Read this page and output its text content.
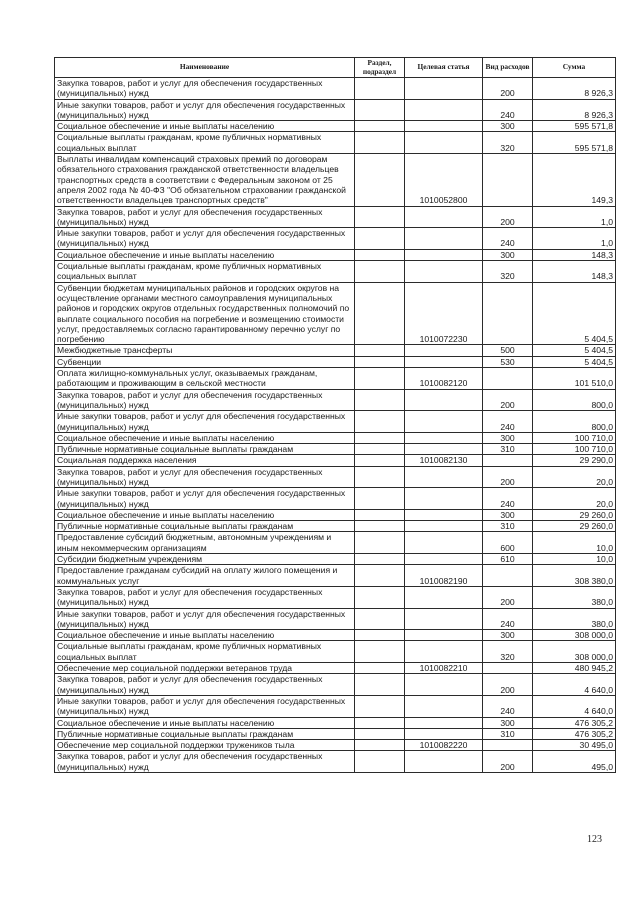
Наименование	Раздел, подраздел	Целевая статья	Вид расходов	Сумма
Закупка товаров, работ и услуг для обеспечения государственных (муниципальных) нужд			200	8 926,3
Иные закупки товаров, работ и услуг для обеспечения государственных (муниципальных) нужд			240	8 926,3
Социальное обеспечение и иные выплаты населению			300	595 571,8
Социальные выплаты гражданам, кроме публичных нормативных социальных выплат			320	595 571,8
Выплаты инвалидам компенсаций страховых премий по договорам обязательного страхования гражданской ответственности владельцев транспортных средств в соответствии с Федеральным законом от 25 апреля 2002 года № 40-ФЗ "Об обязательном страховании гражданской ответственности владельцев транспортных средств"		1010052800		149,3
Закупка товаров, работ и услуг для обеспечения государственных (муниципальных) нужд			200	1,0
Иные закупки товаров, работ и услуг для обеспечения государственных (муниципальных) нужд			240	1,0
Социальное обеспечение и иные выплаты населению			300	148,3
Социальные выплаты гражданам, кроме публичных нормативных социальных выплат			320	148,3
Субвенции бюджетам муниципальных районов и городских округов на осуществление органами местного самоуправления муниципальных районов и городских округов отдельных государственных полномочий по выплате социального пособия на погребение и возмещению стоимости услуг, предоставляемых согласно гарантированному перечню услуг по погребению		1010072230		5 404,5
Межбюджетные трансферты			500	5 404,5
Субвенции			530	5 404,5
Оплата жилищно-коммунальных услуг, оказываемых гражданам, работающим и проживающим в сельской местности		1010082120		101 510,0
Закупка товаров, работ и услуг для обеспечения государственных (муниципальных) нужд			200	800,0
Иные закупки товаров, работ и услуг для обеспечения государственных (муниципальных) нужд			240	800,0
Социальное обеспечение и иные выплаты населению			300	100 710,0
Публичные нормативные социальные выплаты гражданам			310	100 710,0
Социальная поддержка населения		1010082130		29 290,0
Закупка товаров, работ и услуг для обеспечения государственных (муниципальных) нужд			200	20,0
Иные закупки товаров, работ и услуг для обеспечения государственных (муниципальных) нужд			240	20,0
Социальное обеспечение и иные выплаты населению			300	29 260,0
Публичные нормативные социальные выплаты гражданам			310	29 260,0
Предоставление субсидий бюджетным, автономным учреждениям и иным некоммерческим организациям			600	10,0
Субсидии бюджетным учреждениям			610	10,0
Предоставление гражданам субсидий на оплату жилого помещения и коммунальных услуг		1010082190		308 380,0
Закупка товаров, работ и услуг для обеспечения государственных (муниципальных) нужд			200	380,0
Иные закупки товаров, работ и услуг для обеспечения государственных (муниципальных) нужд			240	380,0
Социальное обеспечение и иные выплаты населению			300	308 000,0
Социальные выплаты гражданам, кроме публичных нормативных социальных выплат			320	308 000,0
Обеспечение мер социальной поддержки ветеранов труда		1010082210		480 945,2
Закупка товаров, работ и услуг для обеспечения государственных (муниципальных) нужд			200	4 640,0
Иные закупки товаров, работ и услуг для обеспечения государственных (муниципальных) нужд			240	4 640,0
Социальное обеспечение и иные выплаты населению			300	476 305,2
Публичные нормативные социальные выплаты гражданам			310	476 305,2
Обеспечение мер социальной поддержки тружеников тыла		1010082220		30 495,0
Закупка товаров, работ и услуг для обеспечения государственных (муниципальных) нужд			200	495,0
123
